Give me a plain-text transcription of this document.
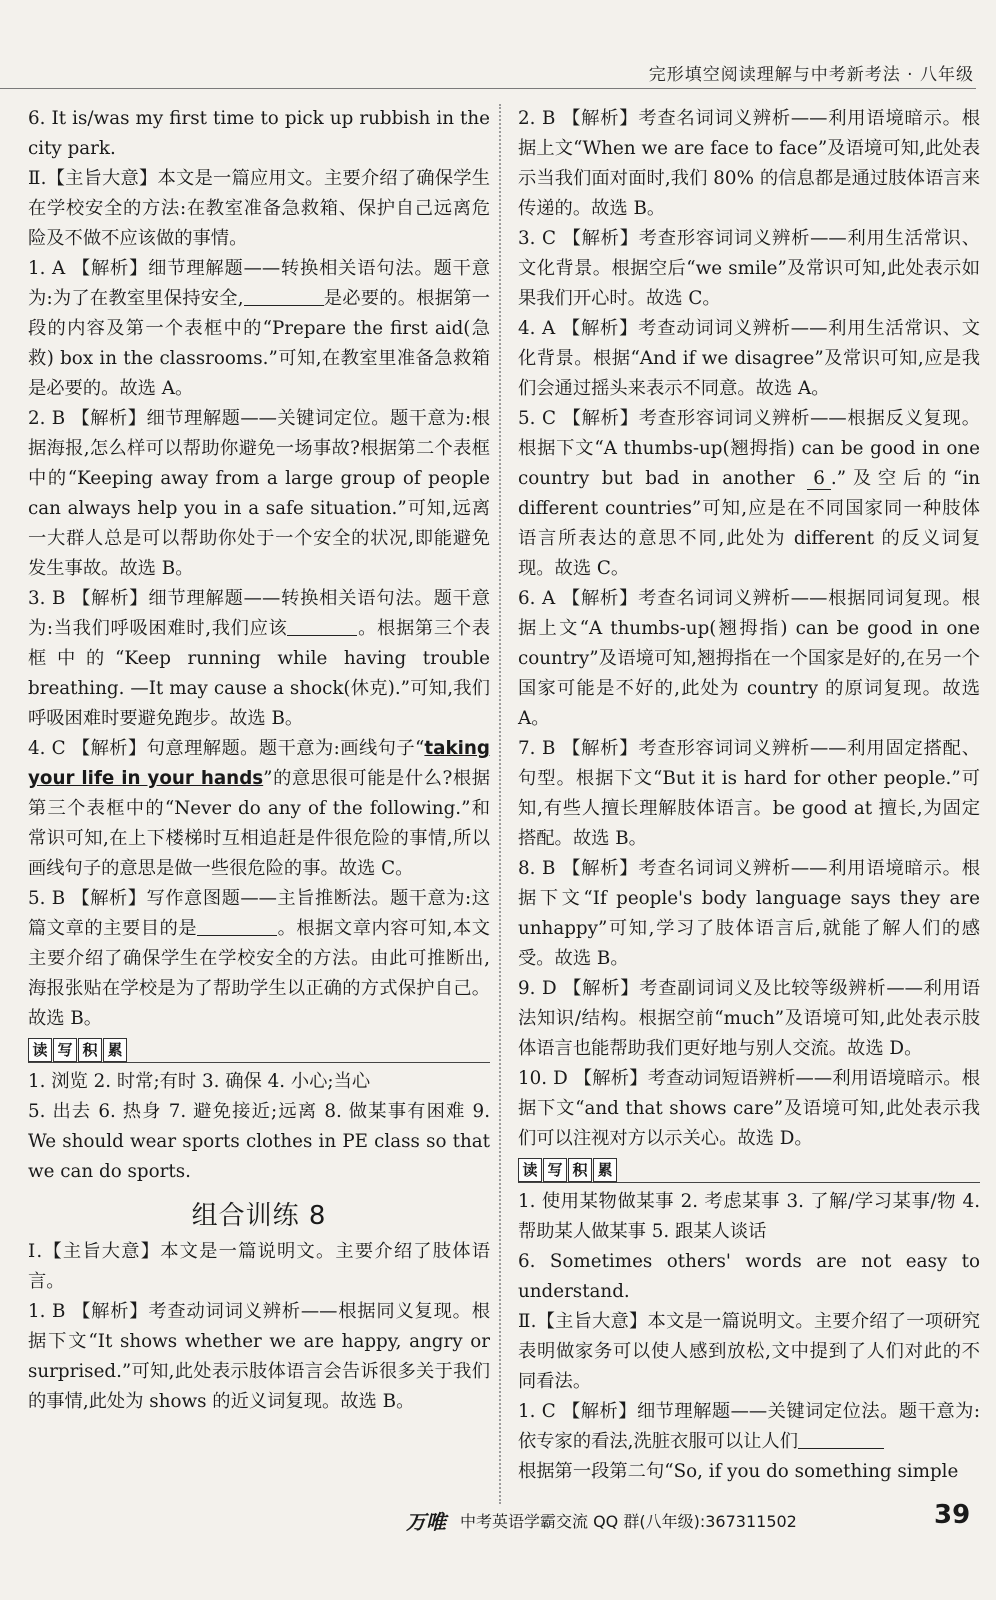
完形填空阅读理解与中考新考法 · 八年级

6. It is/was my first time to pick up rubbish in the city park.

Ⅱ.【主旨大意】本文是一篇应用文。主要介绍了确保学生在学校安全的方法:在教室准备急救箱、保护自己远离危险及不做不应该做的事情。

1. A 【解析】细节理解题——转换相关语句法。题干意为:为了在教室里保持安全,	是必要的。根据第一段的内容及第一个表框中的“Prepare the first aid(急救) box in the classrooms.”可知,在教室里准备急救箱是必要的。故选 A。

2. B 【解析】细节理解题——关键词定位。题干意为:根据海报,怎么样可以帮助你避免一场事故?根据第二个表框中的“Keeping away from a large group of people can always help you in a safe situation.”可知,远离一大群人总是可以帮助你处于一个安全的状况,即能避免发生事故。故选 B。

3. B 【解析】细节理解题——转换相关语句法。题干意为:当我们呼吸困难时,我们应该	。根据第三个表框中的“Keep running while having trouble breathing. —It may cause a shock(休克).”可知,我们呼吸困难时要避免跑步。故选 B。

4. C 【解析】句意理解题。题干意为:画线句子“taking your life in your hands”的意思很可能是什么?根据第三个表框中的“Never do any of the following.”和常识可知,在上下楼梯时互相追赶是件很危险的事情,所以画线句子的意思是做一些很危险的事。故选 C。

5. B 【解析】写作意图题——主旨推断法。题干意为:这篇文章的主要目的是	。根据文章内容可知,本文主要介绍了确保学生在学校安全的方法。由此可推断出,海报张贴在学校是为了帮助学生以正确的方式保护自己。故选 B。

读 写 积 累

1. 浏览 2. 时常;有时 3. 确保 4. 小心;当心

5. 出去 6. 热身 7. 避免接近;远离 8. 做某事有困难 9. We should wear sports clothes in PE class so that we can do sports.

组合训练 8

Ⅰ.【主旨大意】本文是一篇说明文。主要介绍了肢体语言。

1. B 【解析】考查动词词义辨析——根据同义复现。根据下文“It shows whether we are happy, angry or surprised.”可知,此处表示肢体语言会告诉很多关于我们的事情,此处为 shows 的近义词复现。故选 B。

2. B 【解析】考查名词词义辨析——利用语境暗示。根据上文“When we are face to face”及语境可知,此处表示当我们面对面时,我们 80% 的信息都是通过肢体语言来传递的。故选 B。

3. C 【解析】考查形容词词义辨析——利用生活常识、文化背景。根据空后“we smile”及常识可知,此处表示如果我们开心时。故选 C。

4. A 【解析】考查动词词义辨析——利用生活常识、文化背景。根据“And if we disagree”及常识可知,应是我们会通过摇头来表示不同意。故选 A。

5. C 【解析】考查形容词词义辨析——根据反义复现。根据下文“A thumbs-up(翘拇指) can be good in one country but bad in another 6 .”及空后的“in different countries”可知,应是在不同国家同一种肢体语言所表达的意思不同,此处为 different 的反义词复现。故选 C。

6. A 【解析】考查名词词义辨析——根据同词复现。根据上文“A thumbs-up(翘拇指) can be good in one country”及语境可知,翘拇指在一个国家是好的,在另一个国家可能是不好的,此处为 country 的原词复现。故选 A。

7. B 【解析】考查形容词词义辨析——利用固定搭配、句型。根据下文“But it is hard for other people.”可知,有些人擅长理解肢体语言。be good at 擅长,为固定搭配。故选 B。

8. B 【解析】考查名词词义辨析——利用语境暗示。根据下文“If people's body language says they are unhappy”可知,学习了肢体语言后,就能了解人们的感受。故选 B。

9. D 【解析】考查副词词义及比较等级辨析——利用语法知识/结构。根据空前“much”及语境可知,此处表示肢体语言也能帮助我们更好地与别人交流。故选 D。

10. D 【解析】考查动词短语辨析——利用语境暗示。根据下文“and that shows care”及语境可知,此处表示我们可以注视对方以示关心。故选 D。

读 写 积 累

1. 使用某物做某事 2. 考虑某事 3. 了解/学习某事/物 4. 帮助某人做某事 5. 跟某人谈话

6. Sometimes others' words are not easy to understand.

Ⅱ.【主旨大意】本文是一篇说明文。主要介绍了一项研究表明做家务可以使人感到放松,文中提到了人们对此的不同看法。

1. C 【解析】细节理解题——关键词定位法。题干意为:依专家的看法,洗脏衣服可以让人们
根据第一段第二句“So, if you do something simple

万唯 中考英语学霸交流 QQ 群(八年级):367311502	39
